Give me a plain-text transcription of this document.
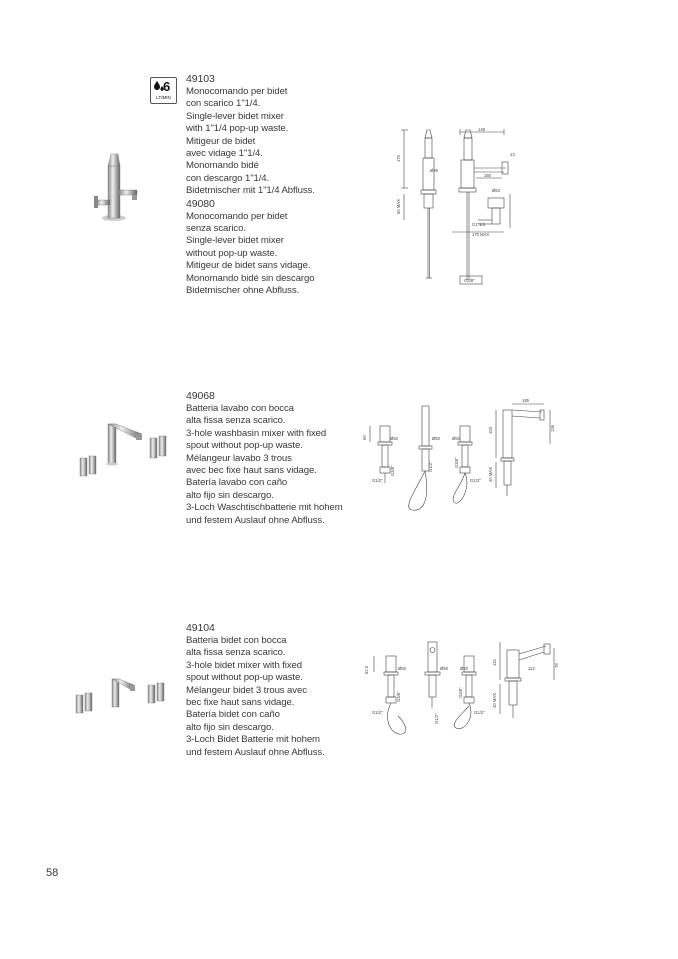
6
LT/MIN
49103
Monocomando per bidet
con scarico 1"1/4.
Single-lever bidet mixer
with 1"1/4 pop-up waste.
Mitigeur de bidet
avec vidage 1"1/4.
Monomando bidé
con descargo 1"1/4.
Bidetmischer mit 1"1/4 Abfluss.
49080
Monocomando per bidet
senza scarico.
Single-lever bidet mixer
without pop-up waste.
Mitigeur de bidet sans vidage.
Monomando bidé sin descargo
Bidetmischer ohne Abfluss.
148
170
Ø35
160
13
Ø63
G1"1/4
60 MAX
170 MAX
G3/8"
49068
Batteria lavabo con bocca
alta fissa senza scarico.
3-hole washbasin mixer with fixed
spout without pop-up waste.
Mélangeur lavabo 3 trous
avec bec fixe haut sans vidage.
Batería lavabo con caño
alto fijo sin descargo.
3-Loch Waschtischbatterie mit hohem
und festem Auslauf ohne Abfluss.
60	Ø50	Ø50
G3/8"
G1/2"
G1/2"	G3/8"
G1/2"
Ø50
153
185
136
40 MAX
49104
Batteria bidet con bocca
alta fissa senza scarico.
3-hole bidet mixer with fixed
spout without pop-up waste.
Mélangeur bidet 3 trous avec
bec fixe haut sans vidage.
Batería bidet con caño
alto fijo sin descargo.
3-Loch Bidet Batterie mit hohem
und festem Auslauf ohne Abfluss.
62.5	Ø50	Ø50
G3/8"
G1/2"
G1/2"
G3/8"
G1/2"
Ø50
115
113
78
40 MAX
58
